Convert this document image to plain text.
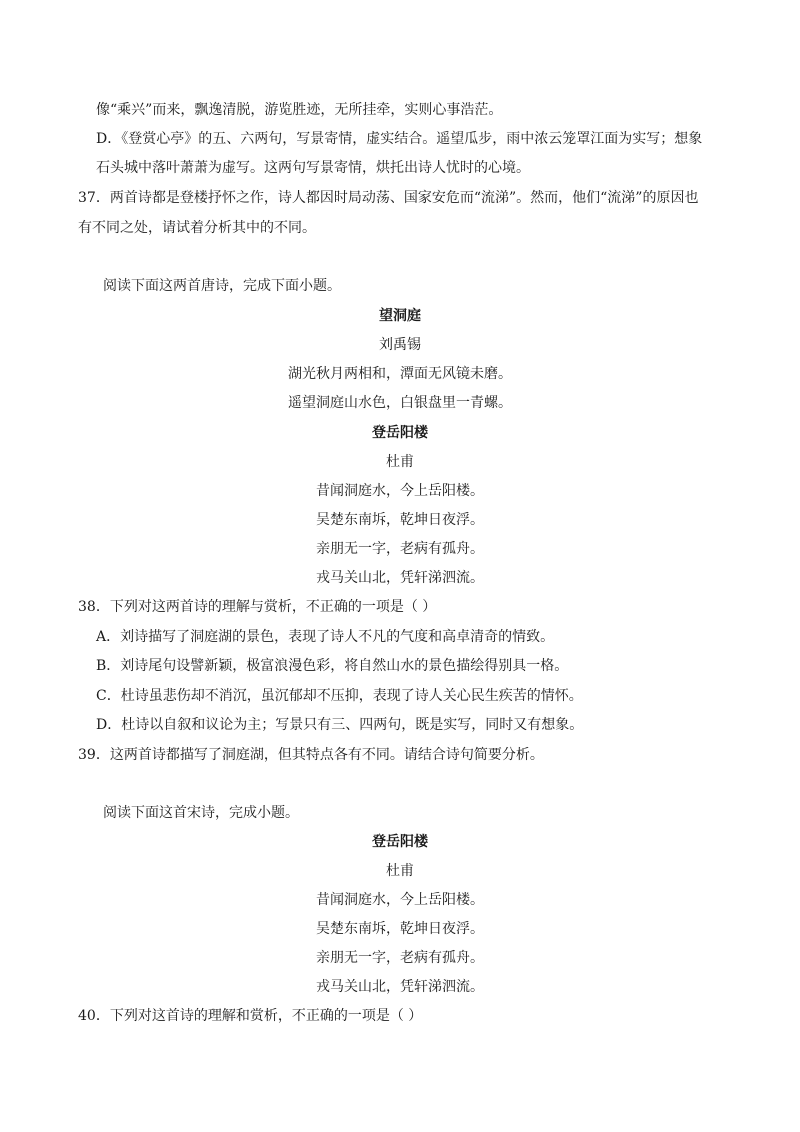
像“乘兴”而来，飘逸清脱，游览胜迹，无所挂牵，实则心事浩茫。
D．《登赏心亭》的五、六两句，写景寄情，虚实结合。遥望瓜步，雨中浓云笼罩江面为实写；想象
石头城中落叶萧萧为虚写。这两句写景寄情，烘托出诗人忧时的心境。
37．两首诗都是登楼抒怀之作，诗人都因时局动荡、国家安危而“流涕”。然而，他们“流涕”的原因也
有不同之处，请试着分析其中的不同。
阅读下面这两首唐诗，完成下面小题。
望洞庭
刘禹锡
湖光秋月两相和，潭面无风镜未磨。
遥望洞庭山水色，白银盘里一青螺。
登岳阳楼
杜甫
昔闻洞庭水，今上岳阳楼。
吴楚东南坼，乾坤日夜浮。
亲朋无一字，老病有孤舟。
戎马关山北，凭轩涕泗流。
38．下列对这两首诗的理解与赏析，不正确的一项是（ ）
A．刘诗描写了洞庭湖的景色，表现了诗人不凡的气度和高卓清奇的情致。
B．刘诗尾句设譬新颖，极富浪漫色彩，将自然山水的景色描绘得别具一格。
C．杜诗虽悲伤却不消沉，虽沉郁却不压抑，表现了诗人关心民生疾苦的情怀。
D．杜诗以自叙和议论为主；写景只有三、四两句，既是实写，同时又有想象。
39．这两首诗都描写了洞庭湖，但其特点各有不同。请结合诗句简要分析。
阅读下面这首宋诗，完成小题。
登岳阳楼
杜甫
昔闻洞庭水，今上岳阳楼。
吴楚东南坼，乾坤日夜浮。
亲朋无一字，老病有孤舟。
戎马关山北，凭轩涕泗流。
40．下列对这首诗的理解和赏析，不正确的一项是（ ）
